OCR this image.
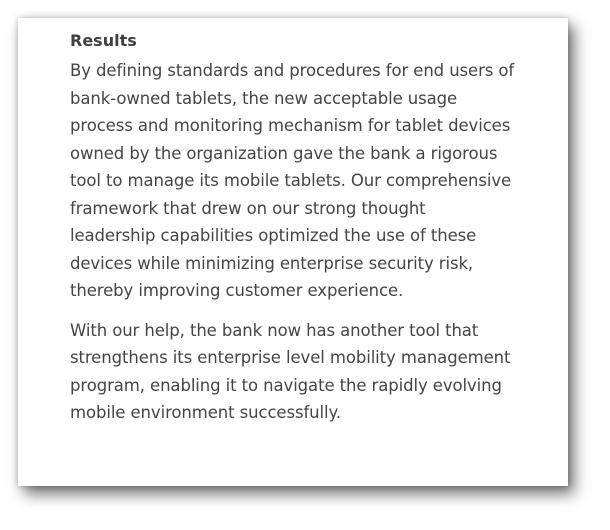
Results

By defining standards and procedures for end users of
bank-owned tablets, the new acceptable usage
process and monitoring mechanism for tablet devices
owned by the organization gave the bank a rigorous
tool to manage its mobile tablets. Our comprehensive
framework that drew on our strong thought
leadership capabilities optimized the use of these
devices while minimizing enterprise security risk,
thereby improving customer experience.

With our help, the bank now has another tool that
strengthens its enterprise level mobility management
program, enabling it to navigate the rapidly evolving
mobile environment successfully.
